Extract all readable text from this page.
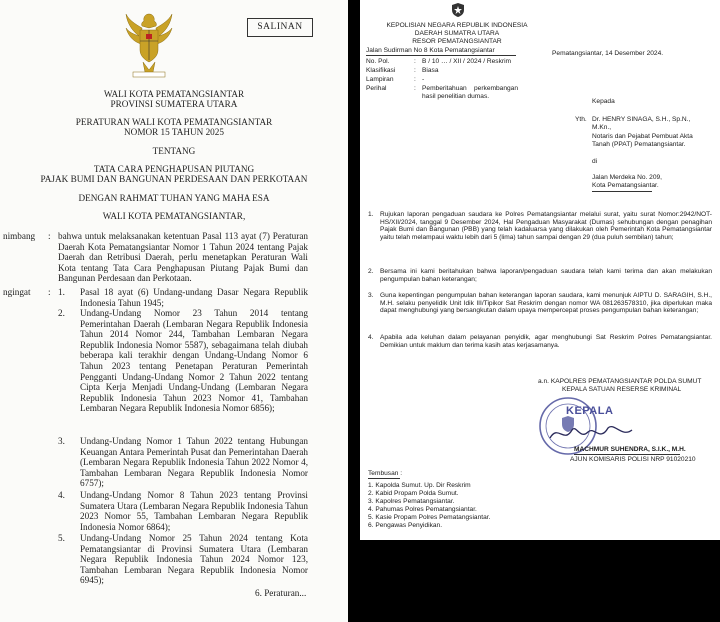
SALINAN
WALI KOTA PEMATANGSIANTAR
PROVINSI SUMATERA UTARA
PERATURAN WALI KOTA PEMATANGSIANTAR
NOMOR 15 TAHUN 2025
TENTANG
TATA CARA PENGHAPUSAN PIUTANG
PAJAK BUMI DAN BANGUNAN PERDESAAN DAN PERKOTAAN
DENGAN RAHMAT TUHAN YANG MAHA ESA
WALI KOTA PEMATANGSIANTAR,
nimbang : bahwa untuk melaksanakan ketentuan Pasal 113 ayat (7) Peraturan Daerah Kota Pematangsiantar Nomor 1 Tahun 2024 tentang Pajak Daerah dan Retribusi Daerah, perlu menetapkan Peraturan Wali Kota tentang Tata Cara Penghapusan Piutang Pajak Bumi dan Bangunan Perdesaan dan Perkotaan.
ngingat : 1. Pasal 18 ayat (6) Undang-undang Dasar Negara Republik Indonesia Tahun 1945;
2. Undang-Undang Nomor 23 Tahun 2014 tentang Pemerintahan Daerah (Lembaran Negara Republik Indonesia Tahun 2014 Nomor 244, Tambahan Lembaran Negara Republik Indonesia Nomor 5587), sebagaimana telah diubah beberapa kali terakhir dengan Undang-Undang Nomor 6 Tahun 2023 tentang Penetapan Peraturan Pemerintah Pengganti Undang-Undang Nomor 2 Tahun 2022 tentang Cipta Kerja Menjadi Undang-Undang (Lembaran Negara Republik Indonesia Tahun 2023 Nomor 41, Tambahan Lembaran Negara Republik Indonesia Nomor 6856);
3. Undang-Undang Nomor 1 Tahun 2022 tentang Hubungan Keuangan Antara Pemerintah Pusat dan Pemerintahan Daerah (Lembaran Negara Republik Indonesia Tahun 2022 Nomor 4, Tambahan Lembaran Negara Republik Indonesia Nomor 6757);
4. Undang-Undang Nomor 8 Tahun 2023 tentang Provinsi Sumatera Utara (Lembaran Negara Republik Indonesia Tahun 2023 Nomor 55, Tambahan Lembaran Negara Republik Indonesia Nomor 6864);
5. Undang-Undang Nomor 25 Tahun 2024 tentang Kota Pematangsiantar di Provinsi Sumatera Utara (Lembaran Negara Republik Indonesia Tahun 2024 Nomor 123, Tambahan Lembaran Negara Republik Indonesia Nomor 6945);
6. Peraturan...
KEPOLISIAN NEGARA REPUBLIK INDONESIA
DAERAH SUMATRA UTARA
RESOR PEMATANGSIANTAR
Jalan Sudirman No 8 Kota Pematangsiantar	Pematangsiantar, 14 Desember 2024.
No. Pol.	: B / 10 … / XII / 2024 / Reskrim
Klasifikasi	: Biasa
Lampiran	: -
Perihal	: Pemberitahuan perkembangan hasil penelitian dumas.
Kepada
Yth. Dr. HENRY SINAGA, S.H., Sp.N.,
M.Kn.,
Notaris dan Pejabat Pembuat Akta
Tanah (PPAT) Pematangsiantar.
di
Jalan Merdeka No. 209,
Kota Pematangsiantar.
1. Rujukan laporan pengaduan saudara ke Polres Pematangsiantar melalui surat, yaitu surat Nomor:2942/NOT-HS/XII/2024, tanggal 9 Desember 2024, Hal Pengaduan Masyarakat (Dumas) sehubungan dengan penagihan Pajak Bumi dan Bangunan (PBB) yang telah kadaluarsa yang dilakukan oleh Pemerintah Kota Pematangsiantar yaitu telah melampaui waktu lebih dari 5 (lima) tahun sampai dengan 29 (dua puluh sembilan) tahun;
2. Bersama ini kami beritahukan bahwa laporan/pengaduan saudara telah kami terima dan akan melakukan pengumpulan bahan keterangan;
3. Guna kepentingan pengumpulan bahan keterangan laporan saudara, kami menunjuk AIPTU D. SARAGIH, S.H., M.H. selaku penyelidik Unit Idik III/Tipikor Sat Reskrim dengan nomor WA 081263578310, jika diperlukan maka dapat menghubungi yang bersangkutan dalam upaya mempercepat proses pengumpulan bahan keterangan;
4. Apabila ada keluhan dalam pelayanan penyidik, agar menghubungi Sat Reskrim Polres Pematangsiantar. Demikian untuk maklum dan terima kasih atas kerjasamanya.
a.n. KAPOLRES PEMATANGSIANTAR POLDA SUMUT
KEPALA SATUAN RESERSE KRIMINAL
KEPALA
MACHMUR SUHENDRA, S.I.K., M.H.
AJUN KOMISARIS POLISI NRP 91020210
Tembusan :
1. Kapolda Sumut. Up. Dir Reskrim
2. Kabid Propam Polda Sumut.
3. Kapolres Pematangsiantar.
4. Pahumas Polres Pematangsiantar.
5. Kasie Propam Polres Pematangsiantar.
6. Pengawas Penyidikan.
